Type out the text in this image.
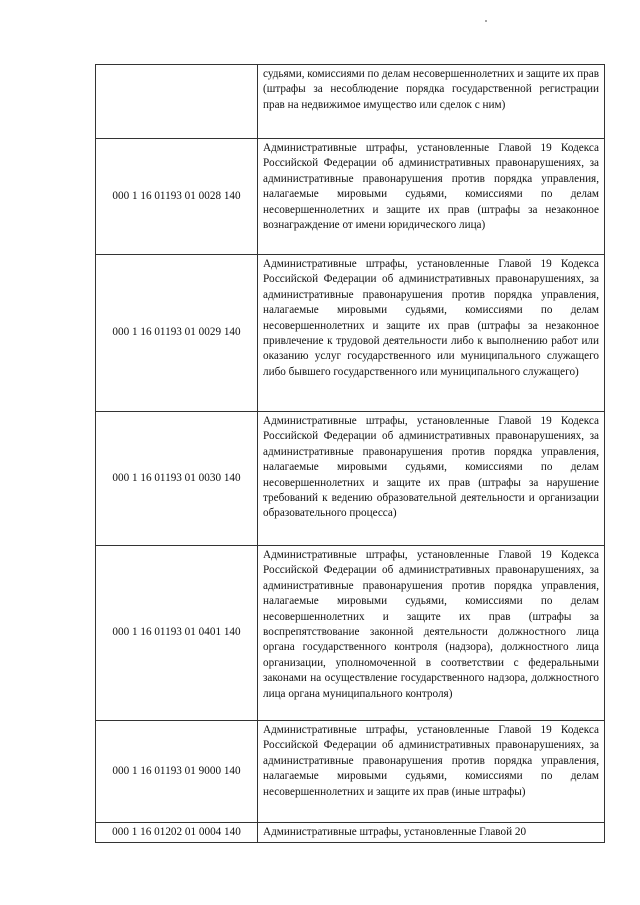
	судьями, комиссиями по делам несовершеннолетних и защите их прав (штрафы за несоблюдение порядка государственной регистрации прав на недвижимое имущество или сделок с ним)
000 1 16 01193 01 0028 140	Административные штрафы, установленные Главой 19 Кодекса Российской Федерации об административных правонарушениях, за административные правонарушения против порядка управления, налагаемые мировыми судьями, комиссиями по делам несовершеннолетних и защите их прав (штрафы за незаконное вознаграждение от имени юридического лица)
000 1 16 01193 01 0029 140	Административные штрафы, установленные Главой 19 Кодекса Российской Федерации об административных правонарушениях, за административные правонарушения против порядка управления, налагаемые мировыми судьями, комиссиями по делам несовершеннолетних и защите их прав (штрафы за незаконное привлечение к трудовой деятельности либо к выполнению работ или оказанию услуг государственного или муниципального служащего либо бывшего государственного или муниципального служащего)
000 1 16 01193 01 0030 140	Административные штрафы, установленные Главой 19 Кодекса Российской Федерации об административных правонарушениях, за административные правонарушения против порядка управления, налагаемые мировыми судьями, комиссиями по делам несовершеннолетних и защите их прав (штрафы за нарушение требований к ведению образовательной деятельности и организации образовательного процесса)
000 1 16 01193 01 0401 140	Административные штрафы, установленные Главой 19 Кодекса Российской Федерации об административных правонарушениях, за административные правонарушения против порядка управления, налагаемые мировыми судьями, комиссиями по делам несовершеннолетних и защите их прав (штрафы за воспрепятствование законной деятельности должностного лица органа государственного контроля (надзора), должностного лица организации, уполномоченной в соответствии с федеральными законами на осуществление государственного надзора, должностного лица органа муниципального контроля)
000 1 16 01193 01 9000 140	Административные штрафы, установленные Главой 19 Кодекса Российской Федерации об административных правонарушениях, за административные правонарушения против порядка управления, налагаемые мировыми судьями, комиссиями по делам несовершеннолетних и защите их прав (иные штрафы)
000 1 16 01202 01 0004 140	Административные штрафы, установленные Главой 20
